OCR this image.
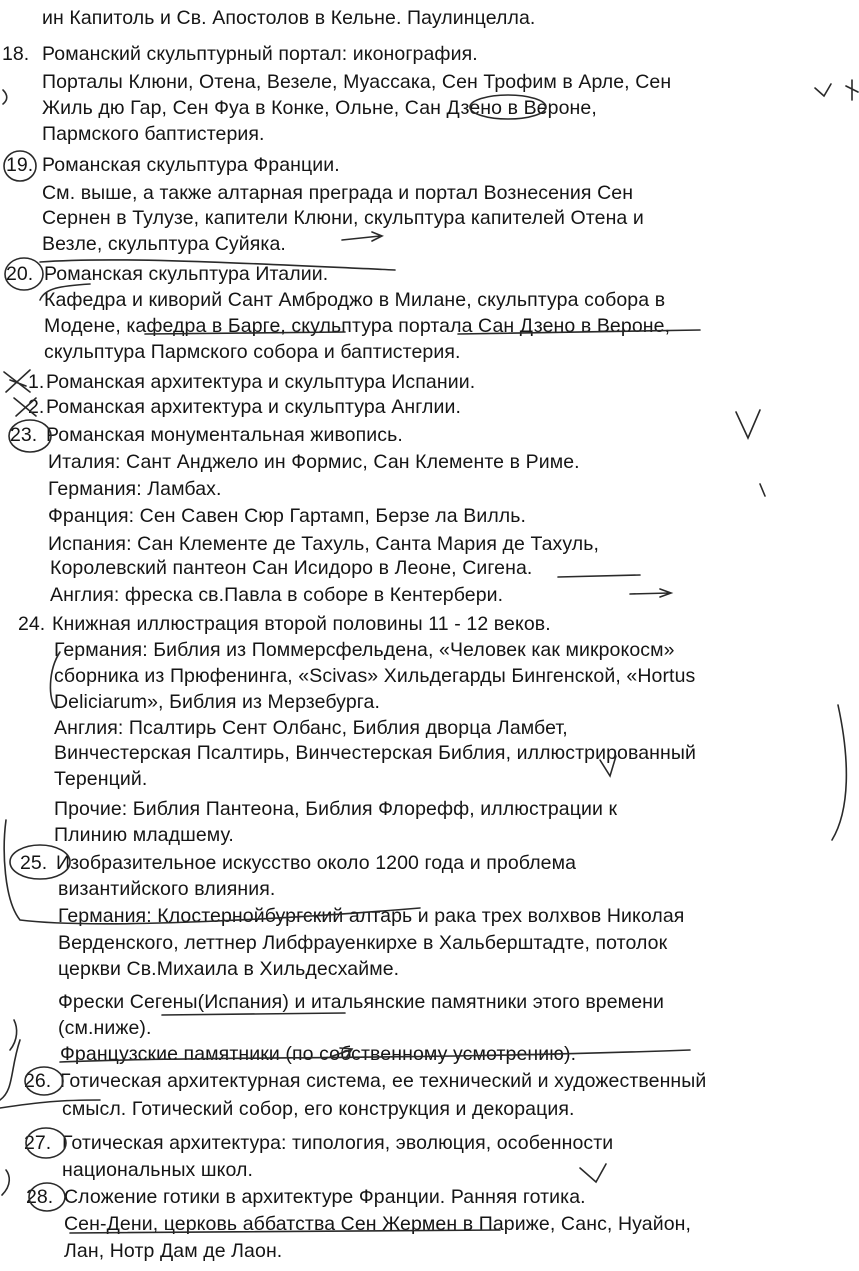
ин Капитоль и Св. Апостолов в Кельне. Паулинцелла.
18. Романский скульптурный портал: иконография.
Порталы Клюни, Отена, Везеле, Муассака, Сен Трофим в Арле, Сен
Жиль дю Гар, Сен Фуа в Конке, Ольне, Сан Дзено в Вероне,
Пармского баптистерия.
19. Романская скульптура Франции.
См. выше, а также алтарная преграда и портал Вознесения Сен
Сернен в Тулузе, капители Клюни, скульптура капителей Отена и
Везле, скульптура Суйяка.
20. Романская скульптура Италии.
Кафедра и киворий Сант Амброджо в Милане, скульптура собора в
Модене, кафедра в Барге, скульптура портала Сан Дзено в Вероне,
скульптура Пармского собора и баптистерия.
1. Романская архитектура и скульптура Испании.
2. Романская архитектура и скульптура Англии.
23. Романская монументальная живопись.
Италия: Сант Анджело ин Формис, Сан Клементе в Риме.
Германия: Ламбах.
Франция: Сен Савен Сюр Гартамп, Берзе ла Вилль.
Испания: Сан Клементе де Тахуль, Санта Мария де Тахуль,
Королевский пантеон Сан Исидоро в Леоне, Сигена.
Англия: фреска св.Павла в соборе в Кентербери.
24. Книжная иллюстрация второй половины 11 - 12 веков.
Германия: Библия из Поммерсфельдена, «Человек как микрокосм»
сборника из Прюфенинга, «Scivas» Хильдегарды Бингенской, «Hortus
Deliciarum», Библия из Мерзебурга.
Англия: Псалтирь Сент Олбанс, Библия дворца Ламбет,
Винчестерская Псалтирь, Винчестерская Библия, иллюстрированный
Теренций.
Прочие: Библия Пантеона, Библия Флорефф, иллюстрации к
Плинию младшему.
25. Изобразительное искусство около 1200 года и проблема
византийского влияния.
Германия: Клостернойбургский алтарь и рака трех волхвов Николая
Верденского, леттнер Либфрауенкирхе в Хальберштадте, потолок
церкви Св.Михаила в Хильдесхайме.
Фрески Сегены(Испания) и итальянские памятники этого времени
(см.ниже).
Французские памятники (по собственному усмотрению).
26. Готическая архитектурная система, ее технический и художественный
смысл. Готический собор, его конструкция и декорация.
27. Готическая архитектура: типология, эволюция, особенности
национальных школ.
28. Сложение готики в архитектуре Франции. Ранняя готика.
Сен-Дени, церковь аббатства Сен Жермен в Париже, Санс, Нуайон,
Лан, Нотр Дам де Лаон.
